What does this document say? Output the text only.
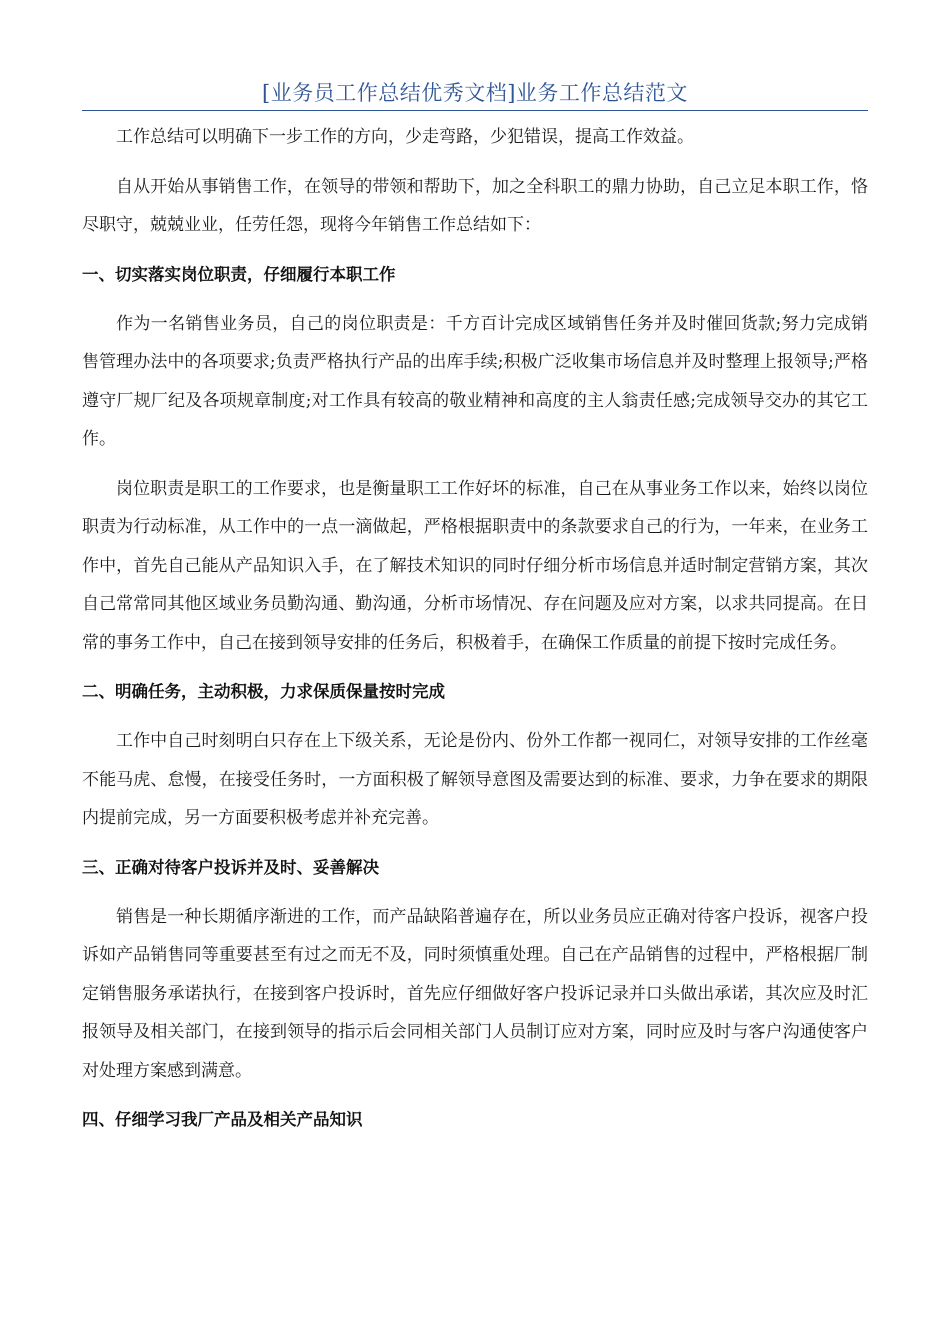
[业务员工作总结优秀文档]业务工作总结范文

工作总结可以明确下一步工作的方向，少走弯路，少犯错误，提高工作效益。

自从开始从事销售工作，在领导的带领和帮助下，加之全科职工的鼎力协助，自己立足本职工作，恪尽职守，兢兢业业，任劳任怨，现将今年销售工作总结如下：

一、切实落实岗位职责，仔细履行本职工作

作为一名销售业务员，自己的岗位职责是：千方百计完成区域销售任务并及时催回货款;努力完成销售管理办法中的各项要求;负责严格执行产品的出库手续;积极广泛收集市场信息并及时整理上报领导;严格遵守厂规厂纪及各项规章制度;对工作具有较高的敬业精神和高度的主人翁责任感;完成领导交办的其它工作。

岗位职责是职工的工作要求，也是衡量职工工作好坏的标准，自己在从事业务工作以来，始终以岗位职责为行动标准，从工作中的一点一滴做起，严格根据职责中的条款要求自己的行为，一年来，在业务工作中，首先自己能从产品知识入手，在了解技术知识的同时仔细分析市场信息并适时制定营销方案，其次自己常常同其他区域业务员勤沟通、勤沟通，分析市场情况、存在问题及应对方案，以求共同提高。在日常的事务工作中，自己在接到领导安排的任务后，积极着手，在确保工作质量的前提下按时完成任务。

二、明确任务，主动积极，力求保质保量按时完成

工作中自己时刻明白只存在上下级关系，无论是份内、份外工作都一视同仁，对领导安排的工作丝毫不能马虎、怠慢，在接受任务时，一方面积极了解领导意图及需要达到的标准、要求，力争在要求的期限内提前完成，另一方面要积极考虑并补充完善。

三、正确对待客户投诉并及时、妥善解决

销售是一种长期循序渐进的工作，而产品缺陷普遍存在，所以业务员应正确对待客户投诉，视客户投诉如产品销售同等重要甚至有过之而无不及，同时须慎重处理。自己在产品销售的过程中，严格根据厂制定销售服务承诺执行，在接到客户投诉时，首先应仔细做好客户投诉记录并口头做出承诺，其次应及时汇报领导及相关部门，在接到领导的指示后会同相关部门人员制订应对方案，同时应及时与客户沟通使客户对处理方案感到满意。

四、仔细学习我厂产品及相关产品知识
